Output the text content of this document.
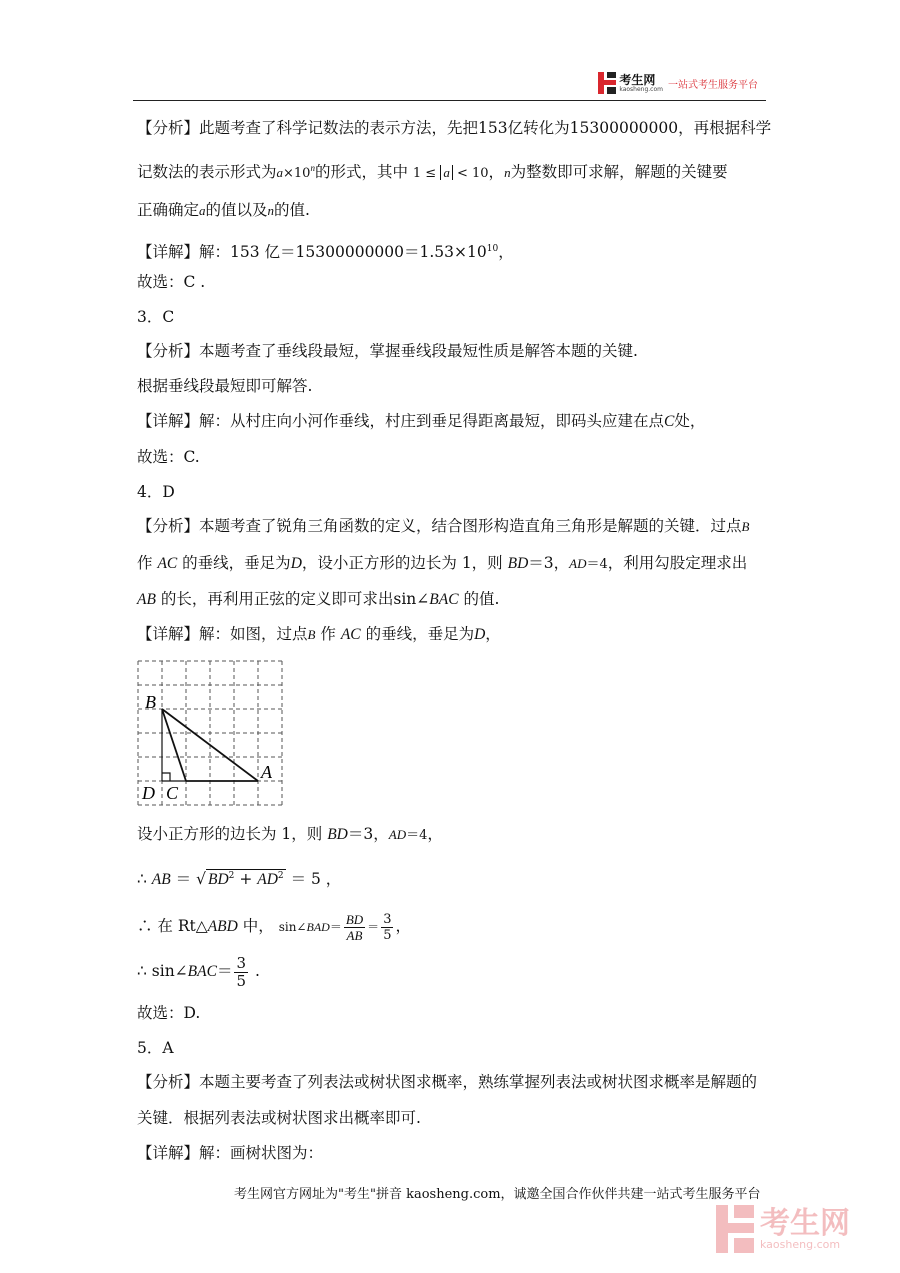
考生网
kaosheng.com 一站式考生服务平台
【分析】此题考查了科学记数法的表示方法，先把153亿转化为15300000000，再根据科学
记数法的表示形式为$a\times 10^n$的形式，其中 1 ≤ a < 10，n为整数即可求解，解题的关键要
正确确定a的值以及n的值.
【详解】解：153 亿$=15300000000=1.53\times 10^{10}$，
故选：C .
3．C
【分析】本题考查了垂线段最短，掌握垂线段最短性质是解答本题的关键.
根据垂线段最短即可解答.
【详解】解：从村庄向小河作垂线，村庄到垂足得距离最短，即码头应建在点C处，
故选：C.
4．D
【分析】本题考查了锐角三角函数的定义，结合图形构造直角三角形是解题的关键．过点B
作 AC 的垂线，垂足为D，设小正方形的边长为 1，则 BD＝3，AD＝4，利用勾股定理求出
AB 的长，再利用正弦的定义即可求出sin∠BAC 的值.
【详解】解：如图，过点B 作 AC 的垂线，垂足为D，
B
A
D C
设小正方形的边长为 1，则 BD＝3，AD＝4，
∴ AB ＝ √ $BD^2 + AD^2 = 5$ ，
∴ 在 Rt△ABD 中， sin∠BAD＝ $\frac{BD}{AB} = \frac{3}{5}$ ，
∴ sin∠BAC＝ $\frac{3}{5}$ .
故选：D.
5．A
【分析】本题主要考查了列表法或树状图求概率，熟练掌握列表法或树状图求概率是解题的
关键．根据列表法或树状图求出概率即可.
【详解】解：画树状图为：
考生网官方网址为"考生"拼音 kaosheng.com，诚邀全国合作伙伴共建一站式考生服务平台
考生网
kaosheng.com
